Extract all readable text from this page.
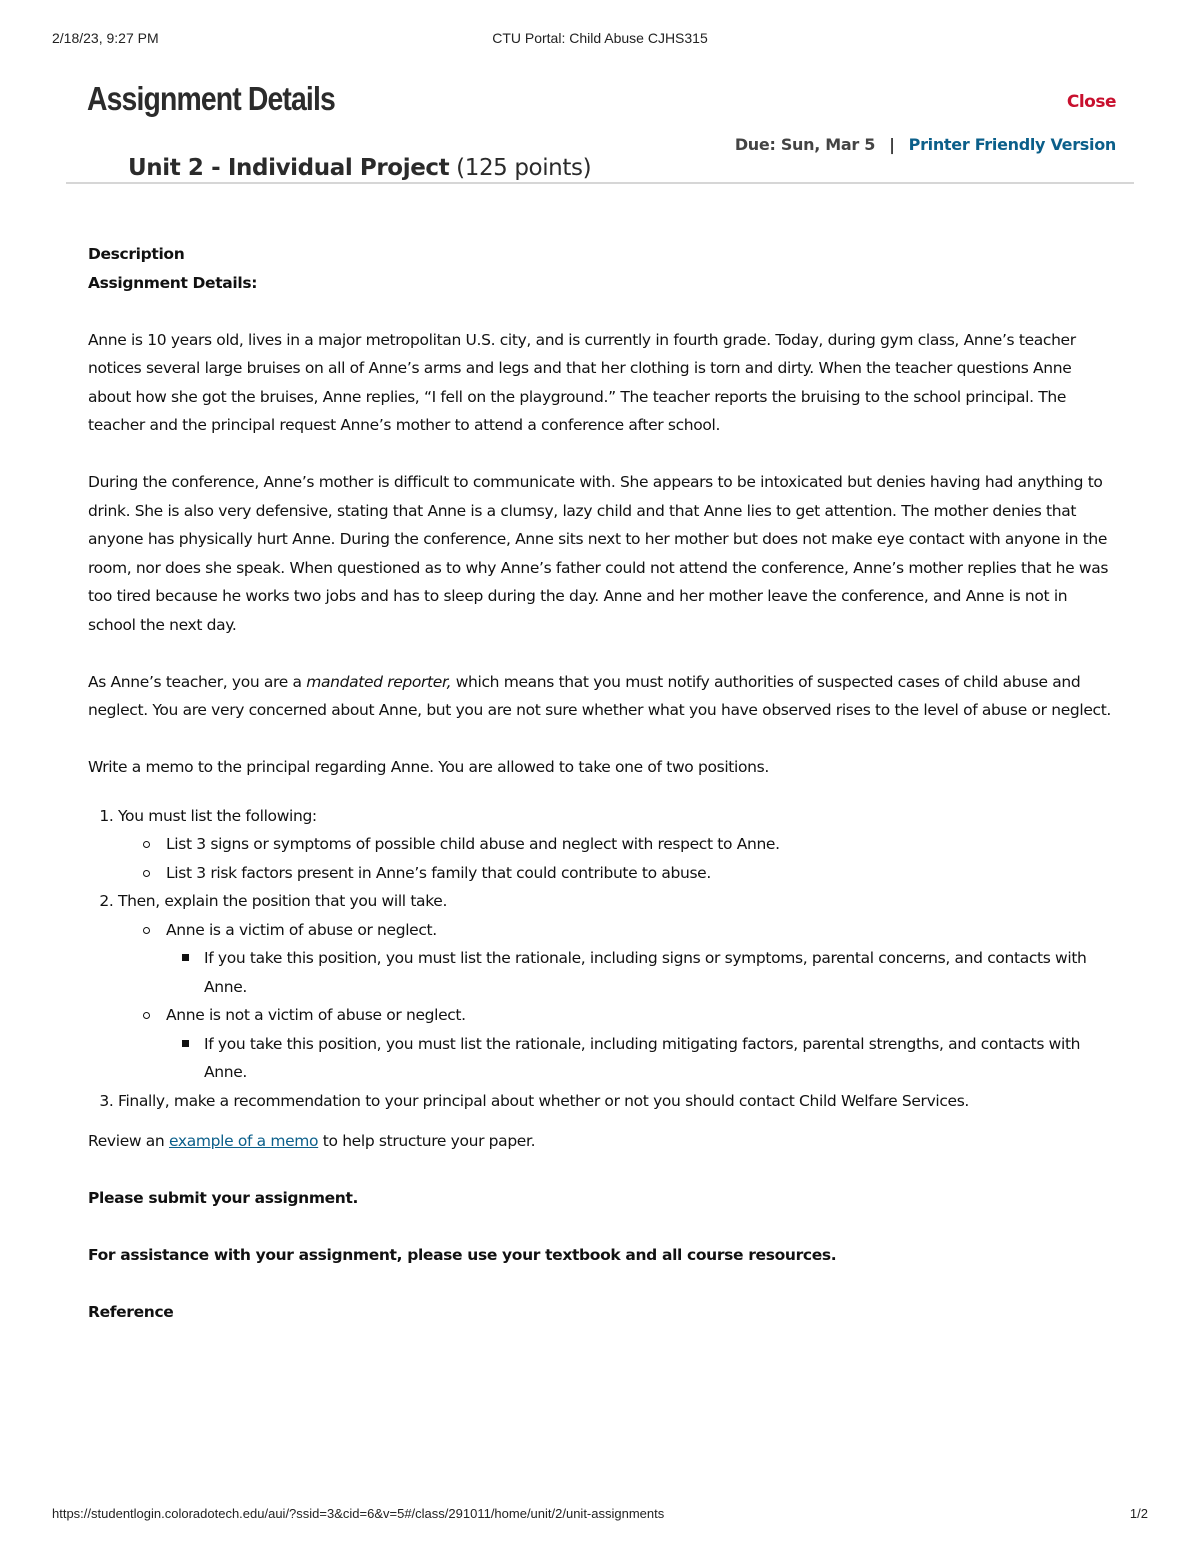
2/18/23, 9:27 PM	CTU Portal: Child Abuse CJHS315
Assignment Details	Close
Due: Sun, Mar 5 | Printer Friendly Version
Unit 2 - Individual Project (125 points)

Description

Assignment Details:

Anne is 10 years old, lives in a major metropolitan U.S. city, and is currently in fourth grade. Today, during gym class, Anne’s teacher notices several large bruises on all of Anne’s arms and legs and that her clothing is torn and dirty. When the teacher questions Anne about how she got the bruises, Anne replies, “I fell on the playground.” The teacher reports the bruising to the school principal. The teacher and the principal request Anne’s mother to attend a conference after school.

During the conference, Anne’s mother is difficult to communicate with. She appears to be intoxicated but denies having had anything to drink. She is also very defensive, stating that Anne is a clumsy, lazy child and that Anne lies to get attention. The mother denies that anyone has physically hurt Anne. During the conference, Anne sits next to her mother but does not make eye contact with anyone in the room, nor does she speak. When questioned as to why Anne’s father could not attend the conference, Anne’s mother replies that he was too tired because he works two jobs and has to sleep during the day. Anne and her mother leave the conference, and Anne is not in school the next day.

As Anne’s teacher, you are a mandated reporter, which means that you must notify authorities of suspected cases of child abuse and neglect. You are very concerned about Anne, but you are not sure whether what you have observed rises to the level of abuse or neglect.

Write a memo to the principal regarding Anne. You are allowed to take one of two positions.

1. You must list the following:
List 3 signs or symptoms of possible child abuse and neglect with respect to Anne.
List 3 risk factors present in Anne’s family that could contribute to abuse.
2. Then, explain the position that you will take.
Anne is a victim of abuse or neglect.
If you take this position, you must list the rationale, including signs or symptoms, parental concerns, and contacts with Anne.
Anne is not a victim of abuse or neglect.
If you take this position, you must list the rationale, including mitigating factors, parental strengths, and contacts with Anne.
3. Finally, make a recommendation to your principal about whether or not you should contact Child Welfare Services.

Review an example of a memo to help structure your paper.

Please submit your assignment.

For assistance with your assignment, please use your textbook and all course resources.

Reference

https://studentlogin.coloradotech.edu/aui/?ssid=3&cid=6&v=5#/class/291011/home/unit/2/unit-assignments	1/2
